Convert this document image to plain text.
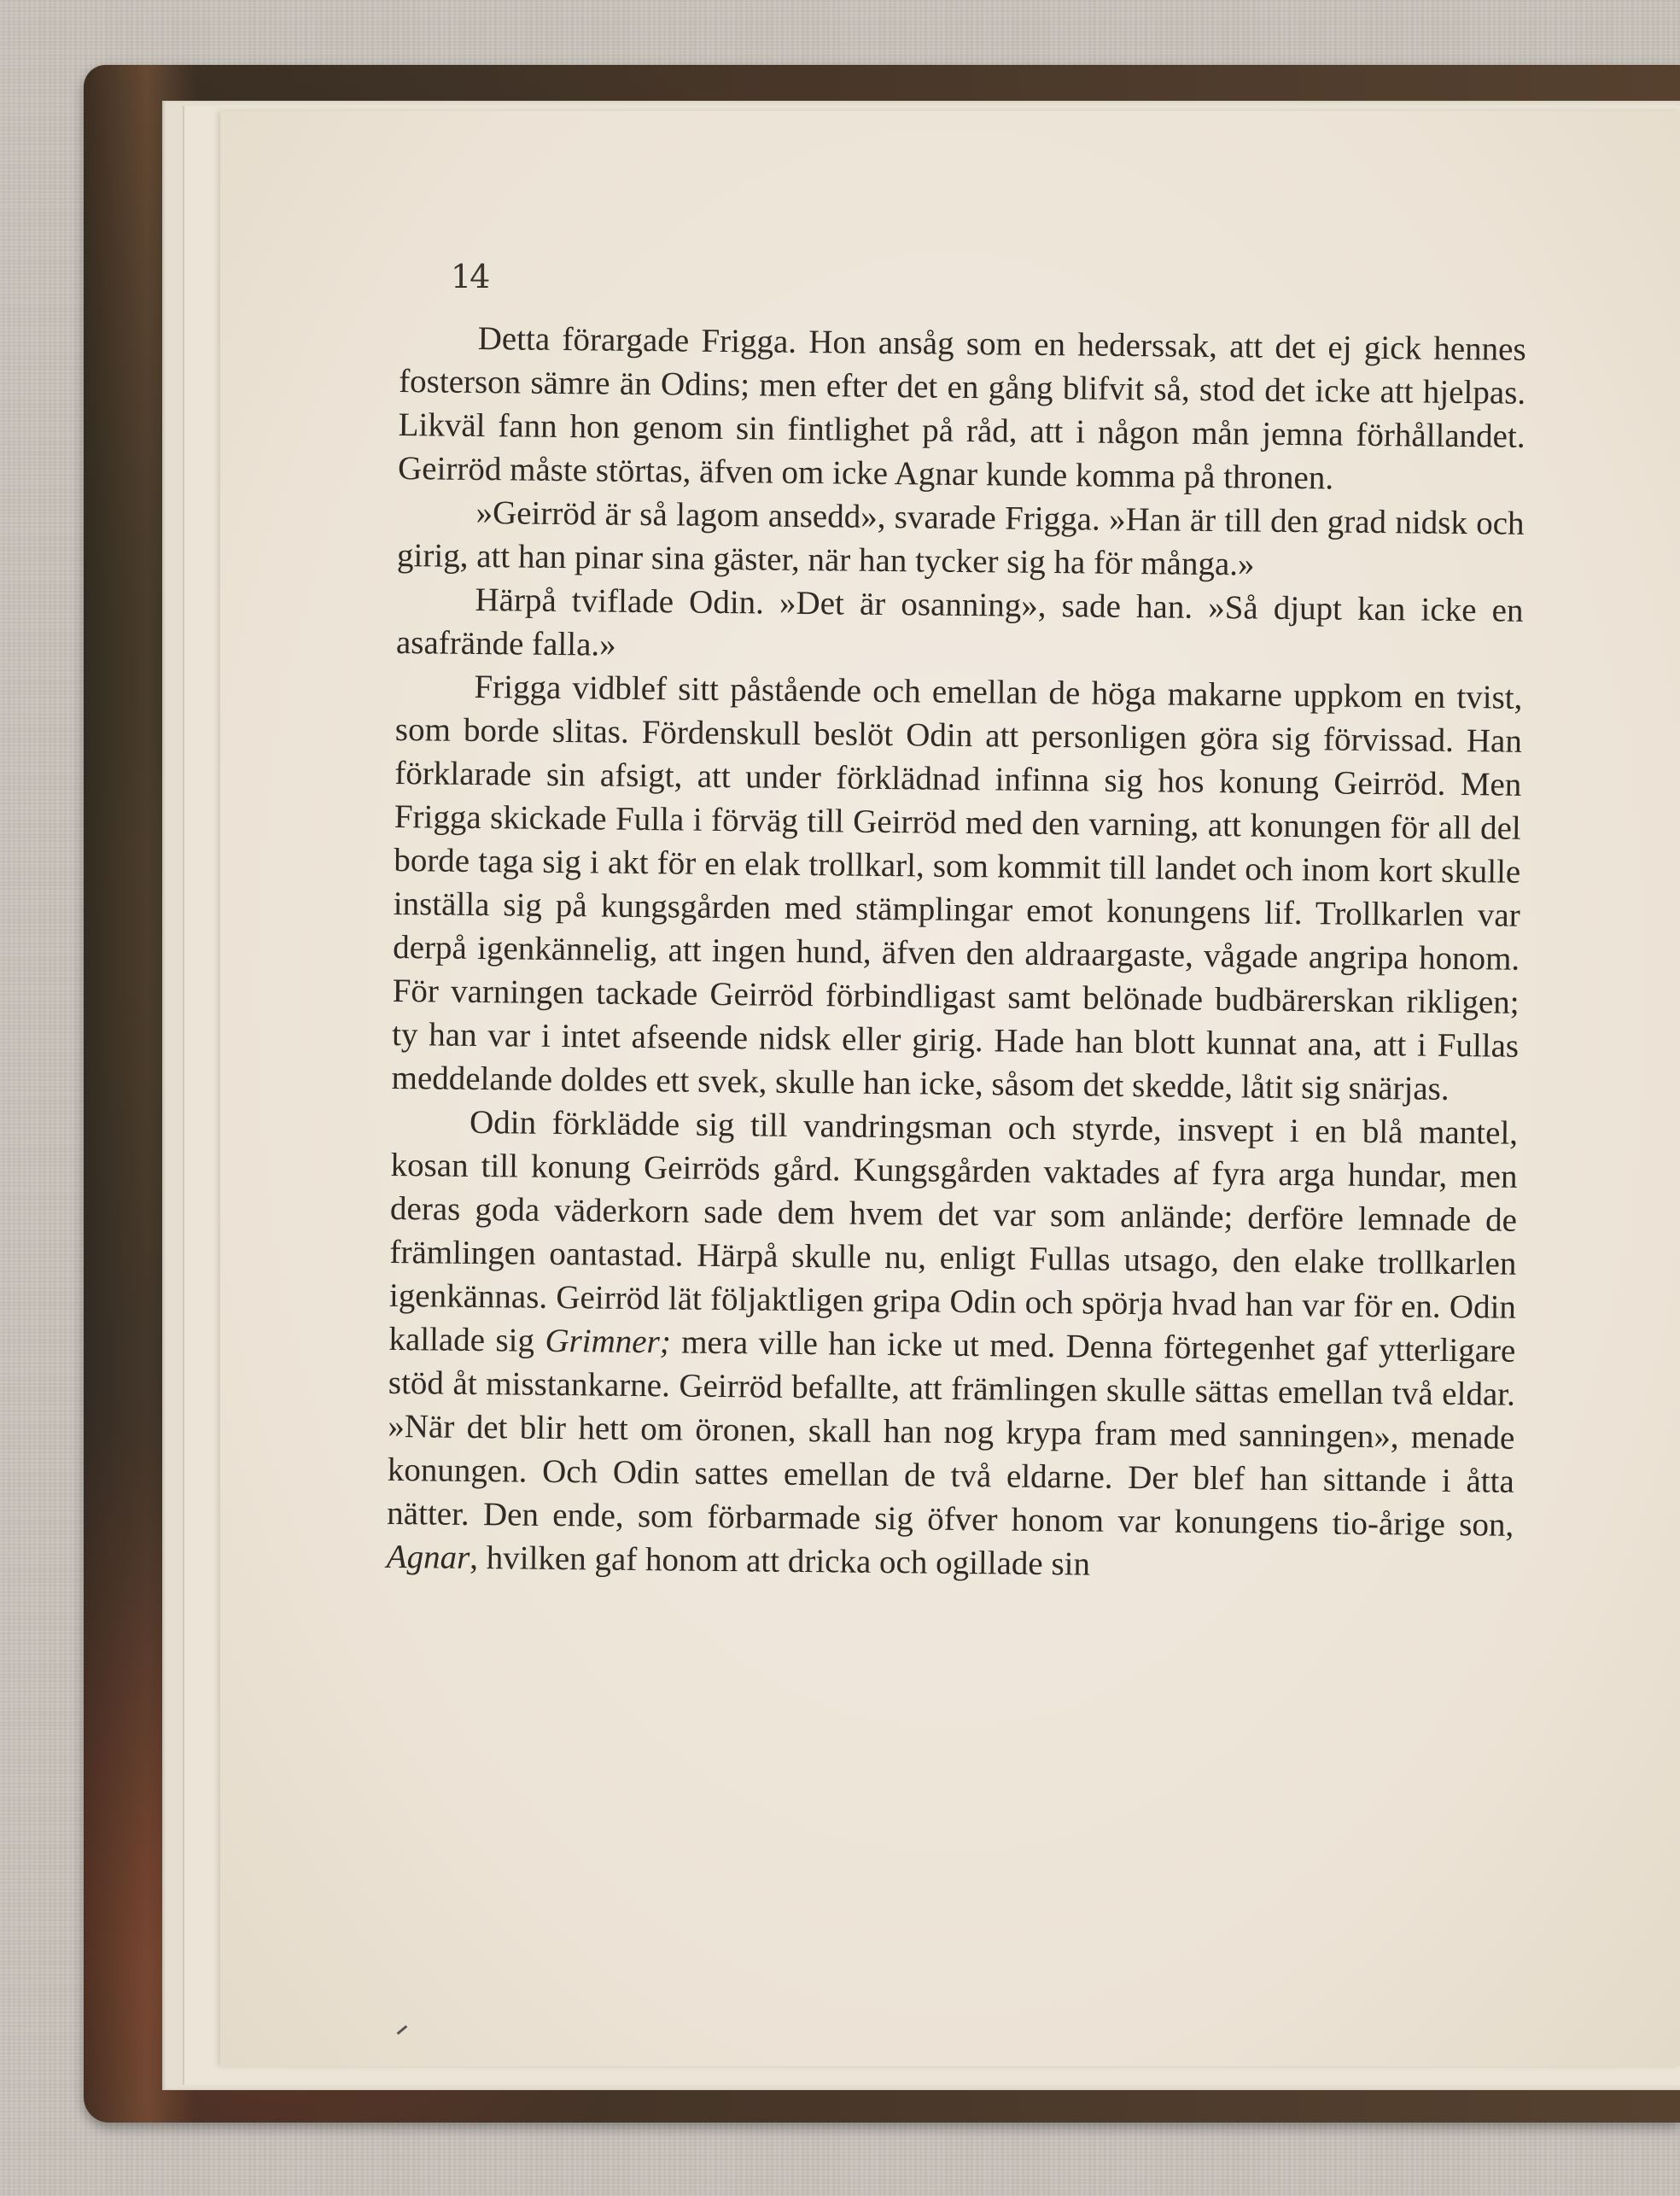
14

Detta förargade Frigga. Hon ansåg som en hederssak, att det ej gick hennes fosterson sämre än Odins; men efter det en gång blifvit så, stod det icke att hjelpas. Likväl fann hon genom sin fintlighet på råd, att i någon mån jemna förhållandet. Geirröd måste störtas, äfven om icke Agnar kunde komma på thronen.

»Geirröd är så lagom ansedd», svarade Frigga. »Han är till den grad nidsk och girig, att han pinar sina gäster, när han tycker sig ha för många.»

Härpå tviflade Odin. »Det är osanning», sade han. »Så djupt kan icke en asafrände falla.»

Frigga vidblef sitt påstående och emellan de höga makarne uppkom en tvist, som borde slitas. Fördenskull beslöt Odin att personligen göra sig förvissad. Han förklarade sin afsigt, att under förklädnad infinna sig hos konung Geirröd. Men Frigga skickade Fulla i förväg till Geirröd med den varning, att konungen för all del borde taga sig i akt för en elak trollkarl, som kommit till landet och inom kort skulle inställa sig på kungsgården med stämplingar emot konungens lif. Trollkarlen var derpå igenkännelig, att ingen hund, äfven den aldraargaste, vågade angripa honom. För varningen tackade Geirröd förbindligast samt belönade budbärerskan rikligen; ty han var i intet afseende nidsk eller girig. Hade han blott kunnat ana, att i Fullas meddelande doldes ett svek, skulle han icke, såsom det skedde, låtit sig snärjas.

Odin förklädde sig till vandringsman och styrde, insvept i en blå mantel, kosan till konung Geirröds gård. Kungsgården vaktades af fyra arga hundar, men deras goda väderkorn sade dem hvem det var som anlände; derföre lemnade de främlingen oantastad. Härpå skulle nu, enligt Fullas utsago, den elake trollkarlen igenkännas. Geirröd lät följaktligen gripa Odin och spörja hvad han var för en. Odin kallade sig Grimner; mera ville han icke ut med. Denna förtegenhet gaf ytterligare stöd åt misstankarne. Geirröd befallte, att främlingen skulle sättas emellan två eldar. »När det blir hett om öronen, skall han nog krypa fram med sanningen», menade konungen. Och Odin sattes emellan de två eldarne. Der blef han sittande i åtta nätter. Den ende, som förbarmade sig öfver honom var konungens tio-årige son, Agnar, hvilken gaf honom att dricka och ogillade sin
